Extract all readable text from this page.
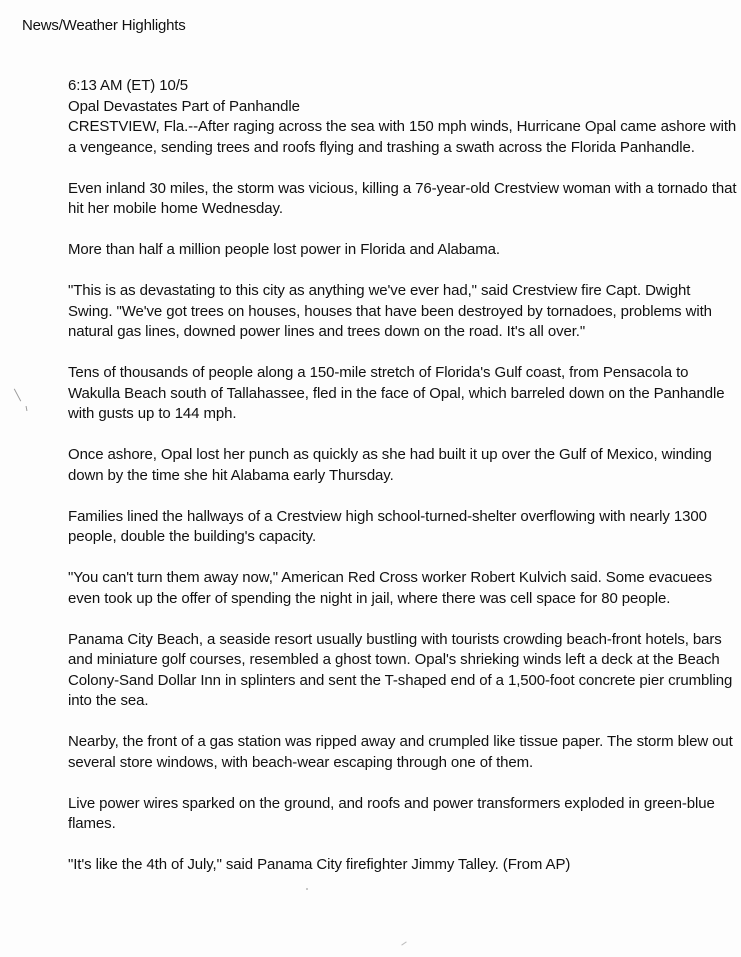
News/Weather Highlights
6:13 AM (ET) 10/5
Opal Devastates Part of Panhandle

CRESTVIEW, Fla.--After raging across the sea with 150 mph winds, Hurricane Opal came ashore with a vengeance, sending trees and roofs flying and trashing a swath across the Florida Panhandle.

Even inland 30 miles, the storm was vicious, killing a 76-year-old Crestview woman with a tornado that hit her mobile home Wednesday.

More than half a million people lost power in Florida and Alabama.

"This is as devastating to this city as anything we've ever had," said Crestview fire Capt. Dwight Swing. "We've got trees on houses, houses that have been destroyed by tornadoes, problems with natural gas lines, downed power lines and trees down on the road. It's all over."

Tens of thousands of people along a 150-mile stretch of Florida's Gulf coast, from Pensacola to Wakulla Beach south of Tallahassee, fled in the face of Opal, which barreled down on the Panhandle with gusts up to 144 mph.

Once ashore, Opal lost her punch as quickly as she had built it up over the Gulf of Mexico, winding down by the time she hit Alabama early Thursday.

Families lined the hallways of a Crestview high school-turned-shelter overflowing with nearly 1300 people, double the building's capacity.

"You can't turn them away now," American Red Cross worker Robert Kulvich said. Some evacuees even took up the offer of spending the night in jail, where there was cell space for 80 people.

Panama City Beach, a seaside resort usually bustling with tourists crowding beach-front hotels, bars and miniature golf courses, resembled a ghost town. Opal's shrieking winds left a deck at the Beach Colony-Sand Dollar Inn in splinters and sent the T-shaped end of a 1,500-foot concrete pier crumbling into the sea.

Nearby, the front of a gas station was ripped away and crumpled like tissue paper. The storm blew out several store windows, with beach-wear escaping through one of them.

Live power wires sparked on the ground, and roofs and power transformers exploded in green-blue flames.

"It's like the 4th of July," said Panama City firefighter Jimmy Talley. (From AP)
